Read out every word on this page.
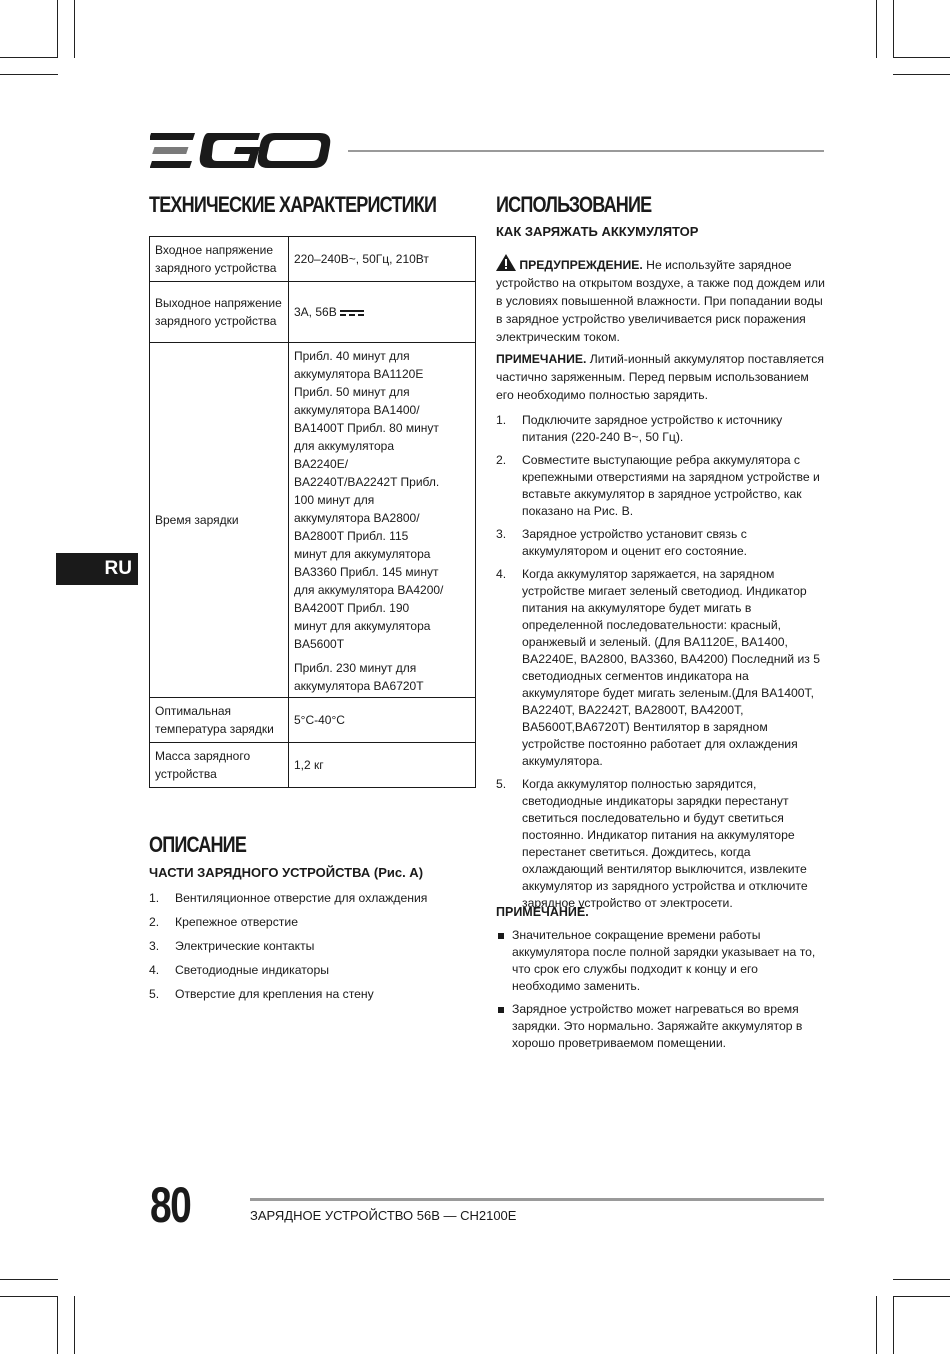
RU
ТЕХНИЧЕСКИЕ ХАРАКТЕРИСТИКИ
Входное напряжение зарядного устройства	220–240В~, 50Гц, 210Вт
Выходное напряжение зарядного устройства	3А, 56В
Время зарядки	Прибл. 40 минут для аккумулятора BA1120E Прибл. 50 минут для аккумулятора BA1400/ BA1400T Прибл. 80 минут для аккумулятора BA2240E/ BA2240T/BA2242T Прибл. 100 минут для аккумулятора BA2800/ BA2800T Прибл. 115 минут для аккумулятора BA3360 Прибл. 145 минут для аккумулятора BA4200/ BA4200T Прибл. 190 минут для аккумулятора BA5600T
Прибл. 230 минут для аккумулятора BA6720T

Оптимальная температура зарядки	5°C-40°C
Масса зарядного устройства	1,2 кг
ОПИСАНИЕ
ЧАСТИ ЗАРЯДНОГО УСТРОЙСТВА (Рис. А)
1. Вентиляционное отверстие для охлаждения
2. Крепежное отверстие
3. Электрические контакты
4. Светодиодные индикаторы
5. Отверстие для крепления на стену
ИСПОЛЬЗОВАНИЕ
КАК ЗАРЯЖАТЬ АККУМУЛЯТОР
ПРЕДУПРЕЖДЕНИЕ. Не используйте зарядное устройство на открытом воздухе, а также под дождем или в условиях повышенной влажности. При попадании воды в зарядное устройство увеличивается риск поражения электрическим током.
ПРИМЕЧАНИЕ. Литий-ионный аккумулятор поставляется частично заряженным. Перед первым использованием его необходимо полностью зарядить.
1. Подключите зарядное устройство к источнику питания (220-240 В~, 50 Гц).
2. Совместите выступающие ребра аккумулятора с крепежными отверстиями на зарядном устройстве и вставьте аккумулятор в зарядное устройство, как показано на Рис. В.
3. Зарядное устройство установит связь с аккумулятором и оценит его состояние.
4. Когда аккумулятор заряжается, на зарядном устройстве мигает зеленый светодиод. Индикатор питания на аккумуляторе будет мигать в определенной последовательности: красный, оранжевый и зеленый. (Для BA1120E, BA1400, BA2240E, BA2800, BA3360, BA4200) Последний из 5 светодиодных сегментов индикатора на аккумуляторе будет мигать зеленым.(Для BA1400T, BA2240T, BA2242T, BA2800T, BA4200T, BA5600T,BA6720T) Вентилятор в зарядном устройстве постоянно работает для охлаждения аккумулятора.
5. Когда аккумулятор полностью зарядится, светодиодные индикаторы зарядки перестанут светиться последовательно и будут светиться постоянно. Индикатор питания на аккумуляторе перестанет светиться. Дождитесь, когда охлаждающий вентилятор выключится, извлеките аккумулятор из зарядного устройства и отключите зарядное устройство от электросети.
ПРИМЕЧАНИЕ.
Значительное сокращение времени работы аккумулятора после полной зарядки указывает на то, что срок его службы подходит к концу и его необходимо заменить.
Зарядное устройство может нагреваться во время зарядки. Это нормально. Заряжайте аккумулятор в хорошо проветриваемом помещении.
80	ЗАРЯДНОЕ УСТРОЙСТВО 56В — CH2100E
